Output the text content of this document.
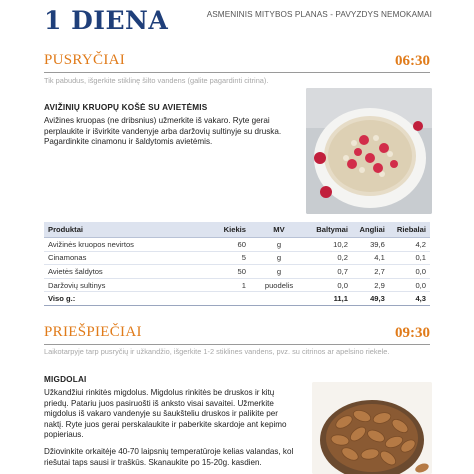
1 DIENA	ASMENINIS MITYBOS PLANAS - PAVYZDYS NEMOKAMAI
PUSRYČIAI	06:30
Tik pabudus, išgerkite stiklinę šilto vandens (galite pagardinti citrina).
AVIŽINIŲ KRUOPŲ KOŠĖ SU AVIETĖMIS

Avižines kruopas (ne dribsnius) užmerkite iš vakaro. Ryte gerai perplaukite ir išvirkite vandenyje arba daržovių sultinyje su druska. Pagardinkite cinamonu ir šaldytomis avietėmis.

Produktai	Kiekis	MV	Baltymai	Angliai	Riebalai
Avižinės kruopos nevirtos	60	g	10,2	39,6	4,2
Cinamonas	5	g	0,2	4,1	0,1
Avietės šaldytos	50	g	0,7	2,7	0,0
Daržovių sultinys	1	puodelis	0,0	2,9	0,0
Viso g.:			11,1	49,3	4,3
PRIEŠPIEČIAI	09:30
Laikotarpyje tarp pusryčių ir užkandžio, išgerkite 1-2 stiklines vandens, pvz. su citrinos ar apelsino riekele.
MIGDOLAI

Užkandžiui rinkitės migdolus. Migdolus rinkitės be druskos ir kitų priedų. Patariu juos pasiruošti iš anksto visai savaitei. Užmerkite migdolus iš vakaro vandenyje su šaukšteliu druskos ir palikite per naktį. Ryte juos gerai perskalaukite ir paberkite skardoje ant kepimo popieriaus.

Džiovinkite orkaitėje 40-70 laipsnių temperatūroje kelias valandas, kol riešutai taps sausi ir traškūs. Skanaukite po 15-20g. kasdien.
